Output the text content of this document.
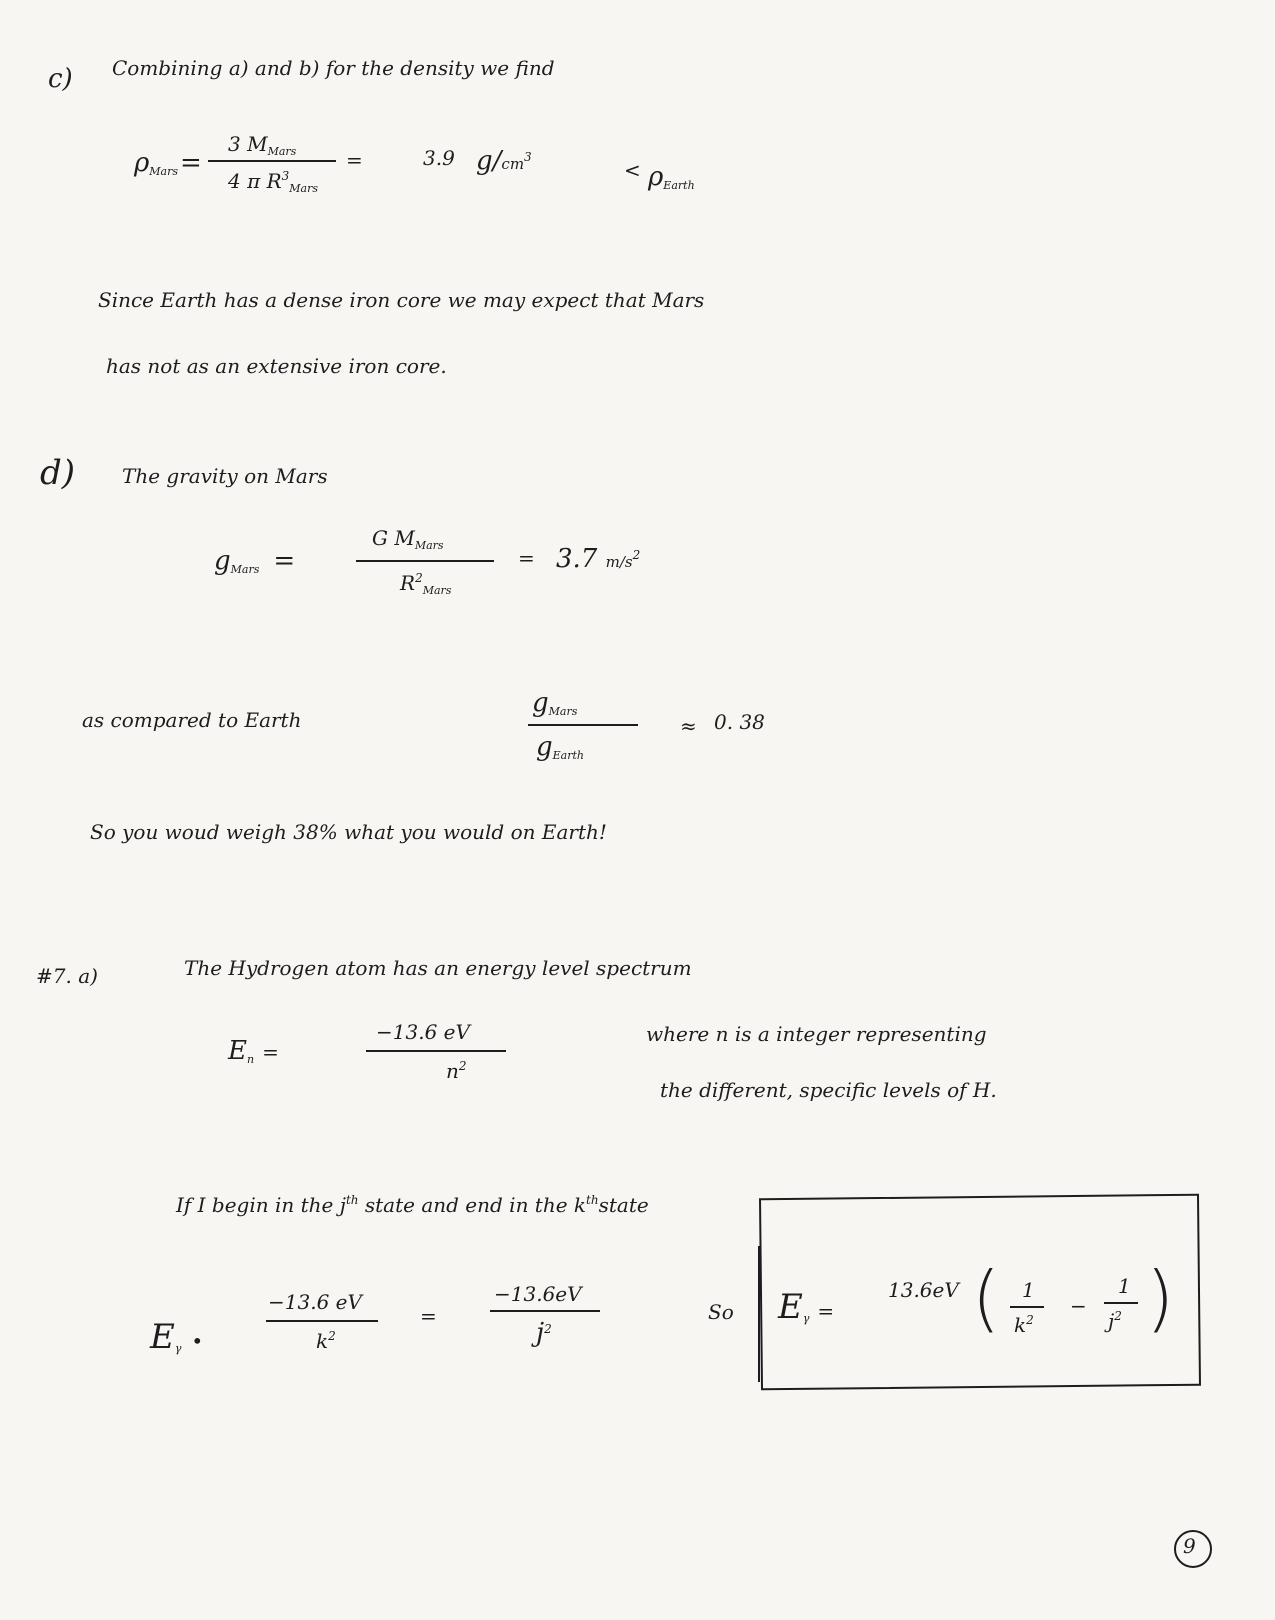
c) Combining a) and b) for the density we find
$\rho_{Mars}=$
3 $M_{Mars}$
4 π $R^3_{Mars}$
=	3.9 $g/cm^3$
< $\rho_{Earth}$
Since Earth has a dense iron core we may expect that Mars
has not as an extensive iron core.
d) The gravity on Mars
$g_{Mars}$ =
G $M_{Mars}$
$R^2_{Mars}$
= 3.7 $m/s^2$
as compared to Earth
$g_{Mars}$
$g_{Earth}$
≈ 0. 38
So you woud weigh 38% what you would on Earth!
#7. a)	The Hydrogen atom has an energy level spectrum
$E_n$ =
−13.6 eV
$n^2$
where n is a integer representing
the different, specific levels of H.
If I begin in the $j^{th}$ state and end in the $k^{th}state$
$E_\gamma$ •
−13.6 eV
$k^2$
=
−13.6eV
$j^2$
So $E_\gamma$ =
13.6eV ( 1
$k^2$
−
1
$j^2$ )
9
